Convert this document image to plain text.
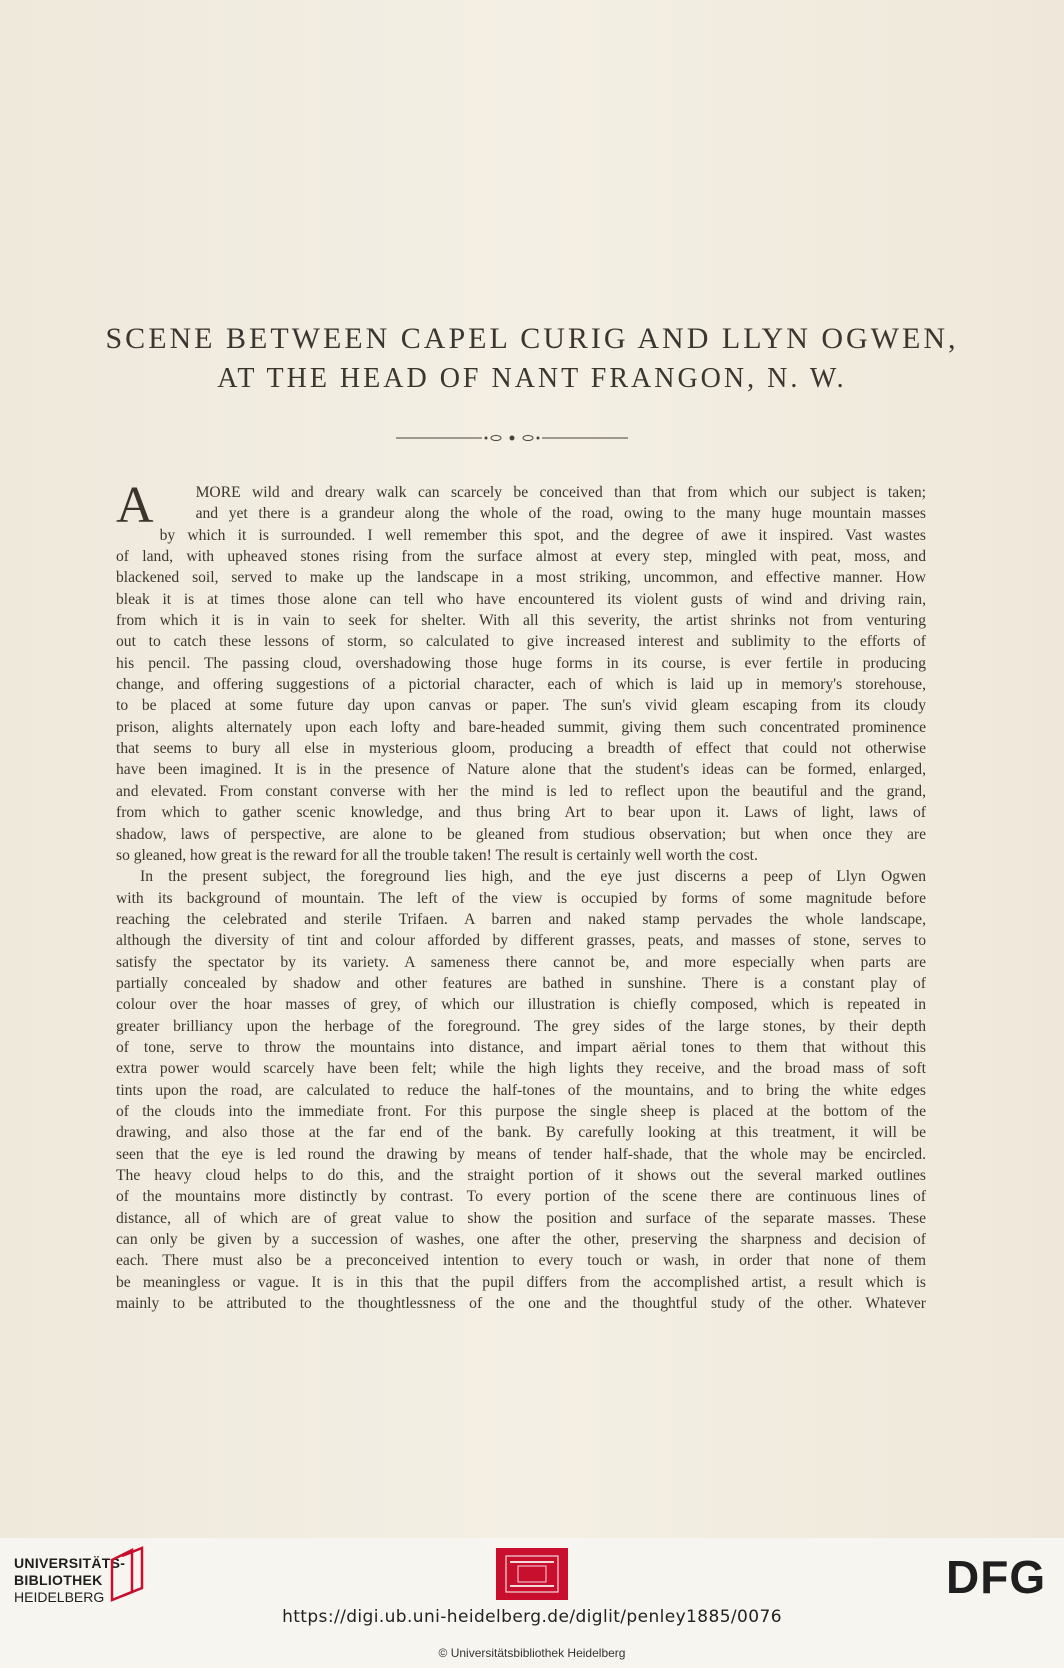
SCENE BETWEEN CAPEL CURIG AND LLYN OGWEN,
AT THE HEAD OF NANT FRANGON, N. W.
A	MORE wild and dreary walk can scarcely be conceived than that from which our subject is taken;
and yet there is a grandeur along the whole of the road, owing to the many huge mountain masses
by which it is surrounded. I well remember this spot, and the degree of awe it inspired. Vast wastes
of land, with upheaved stones rising from the surface almost at every step, mingled with peat, moss, and
blackened soil, served to make up the landscape in a most striking, uncommon, and effective manner. How
bleak it is at times those alone can tell who have encountered its violent gusts of wind and driving rain,
from which it is in vain to seek for shelter. With all this severity, the artist shrinks not from venturing
out to catch these lessons of storm, so calculated to give increased interest and sublimity to the efforts of
his pencil. The passing cloud, overshadowing those huge forms in its course, is ever fertile in producing
change, and offering suggestions of a pictorial character, each of which is laid up in memory's storehouse,
to be placed at some future day upon canvas or paper. The sun's vivid gleam escaping from its cloudy
prison, alights alternately upon each lofty and bare-headed summit, giving them such concentrated prominence
that seems to bury all else in mysterious gloom, producing a breadth of effect that could not otherwise
have been imagined. It is in the presence of Nature alone that the student's ideas can be formed, enlarged,
and elevated. From constant converse with her the mind is led to reflect upon the beautiful and the grand,
from which to gather scenic knowledge, and thus bring Art to bear upon it. Laws of light, laws of
shadow, laws of perspective, are alone to be gleaned from studious observation; but when once they are
so gleaned, how great is the reward for all the trouble taken! The result is certainly well worth the cost.
In the present subject, the foreground lies high, and the eye just discerns a peep of Llyn Ogwen
with its background of mountain. The left of the view is occupied by forms of some magnitude before
reaching the celebrated and sterile Trifaen. A barren and naked stamp pervades the whole landscape,
although the diversity of tint and colour afforded by different grasses, peats, and masses of stone, serves to
satisfy the spectator by its variety. A sameness there cannot be, and more especially when parts are
partially concealed by shadow and other features are bathed in sunshine. There is a constant play of
colour over the hoar masses of grey, of which our illustration is chiefly composed, which is repeated in
greater brilliancy upon the herbage of the foreground. The grey sides of the large stones, by their depth
of tone, serve to throw the mountains into distance, and impart aërial tones to them that without this
extra power would scarcely have been felt; while the high lights they receive, and the broad mass of soft
tints upon the road, are calculated to reduce the half-tones of the mountains, and to bring the white edges
of the clouds into the immediate front. For this purpose the single sheep is placed at the bottom of the
drawing, and also those at the far end of the bank. By carefully looking at this treatment, it will be
seen that the eye is led round the drawing by means of tender half-shade, that the whole may be encircled.
The heavy cloud helps to do this, and the straight portion of it shows out the several marked outlines
of the mountains more distinctly by contrast. To every portion of the scene there are continuous lines of
distance, all of which are of great value to show the position and surface of the separate masses. These
can only be given by a succession of washes, one after the other, preserving the sharpness and decision of
each. There must also be a preconceived intention to every touch or wash, in order that none of them
be meaningless or vague. It is in this that the pupil differs from the accomplished artist, a result which is
mainly to be attributed to the thoughtlessness of the one and the thoughtful study of the other. Whatever
UNIVERSITÄTS-
BIBLIOTHEK
HEIDELBERG	DFG
https://digi.ub.uni-heidelberg.de/diglit/penley1885/0076
© Universitätsbibliothek Heidelberg
